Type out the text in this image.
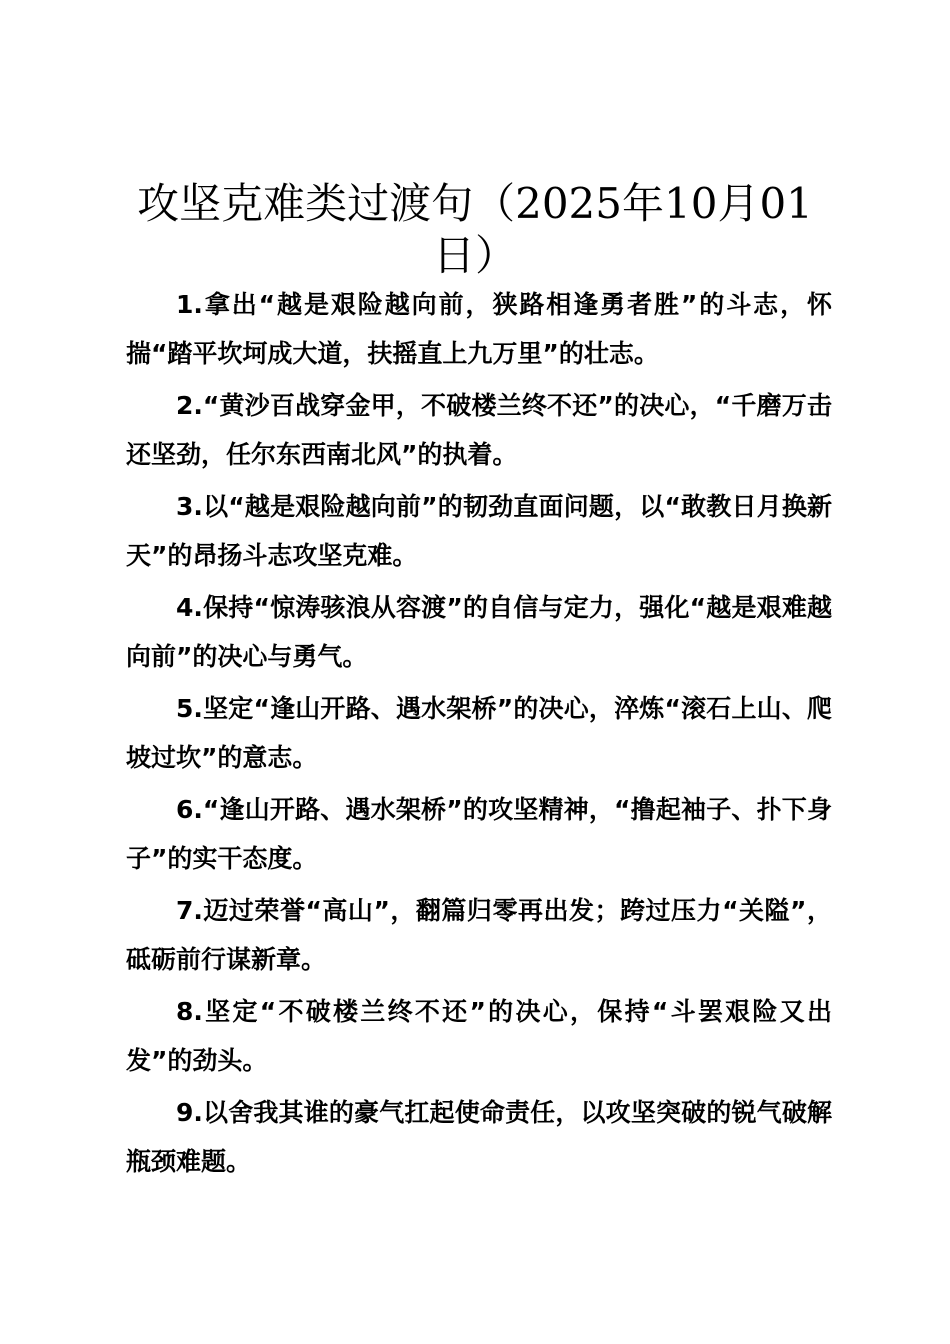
攻坚克难类过渡句（2025年10月01日）
1.拿出“越是艰险越向前，狭路相逢勇者胜”的斗志，怀揣“踏平坎坷成大道，扶摇直上九万里”的壮志。
2.“黄沙百战穿金甲，不破楼兰终不还”的决心，“千磨万击还坚劲，任尔东西南北风”的执着。
3.以“越是艰险越向前”的韧劲直面问题，以“敢教日月换新天”的昂扬斗志攻坚克难。
4.保持“惊涛骇浪从容渡”的自信与定力，强化“越是艰难越向前”的决心与勇气。
5.坚定“逢山开路、遇水架桥”的决心，淬炼“滚石上山、爬坡过坎”的意志。
6.“逢山开路、遇水架桥”的攻坚精神，“撸起袖子、扑下身子”的实干态度。
7.迈过荣誉“高山”，翻篇归零再出发；跨过压力“关隘”，砥砺前行谋新章。
8.坚定“不破楼兰终不还”的决心，保持“斗罢艰险又出发”的劲头。
9.以舍我其谁的豪气扛起使命责任，以攻坚突破的锐气破解瓶颈难题。
